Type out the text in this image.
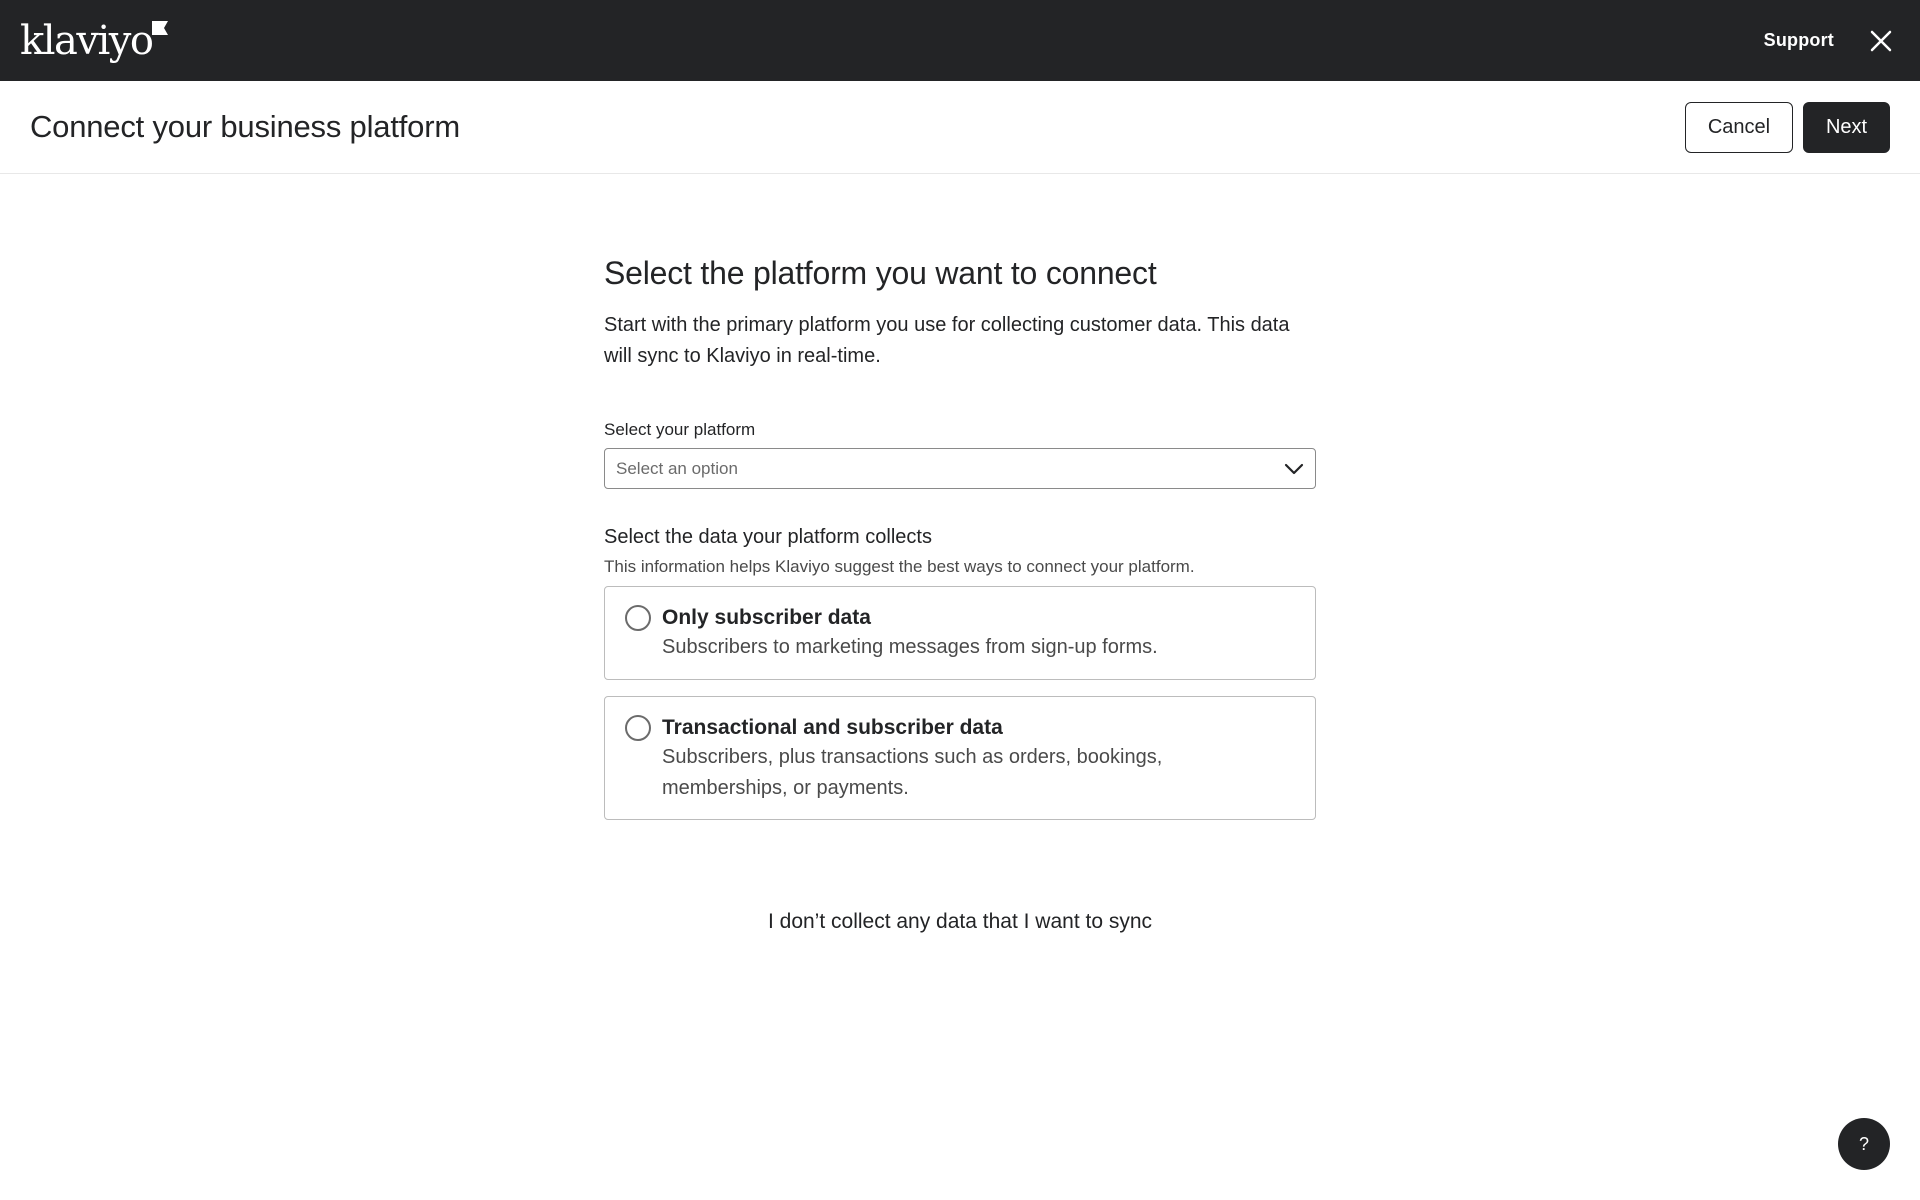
klaviyo	Support
Connect your business platform	Cancel	Next
Select the platform you want to connect

Start with the primary platform you use for collecting customer data. This data will sync to Klaviyo in real-time.

Select your platform
Select an option
Select the data your platform collects
This information helps Klaviyo suggest the best ways to connect your platform.
Only subscriber data
Subscribers to marketing messages from sign-up forms.
Transactional and subscriber data
Subscribers, plus transactions such as orders, bookings, memberships, or payments.
I don’t collect any data that I want to sync
?
